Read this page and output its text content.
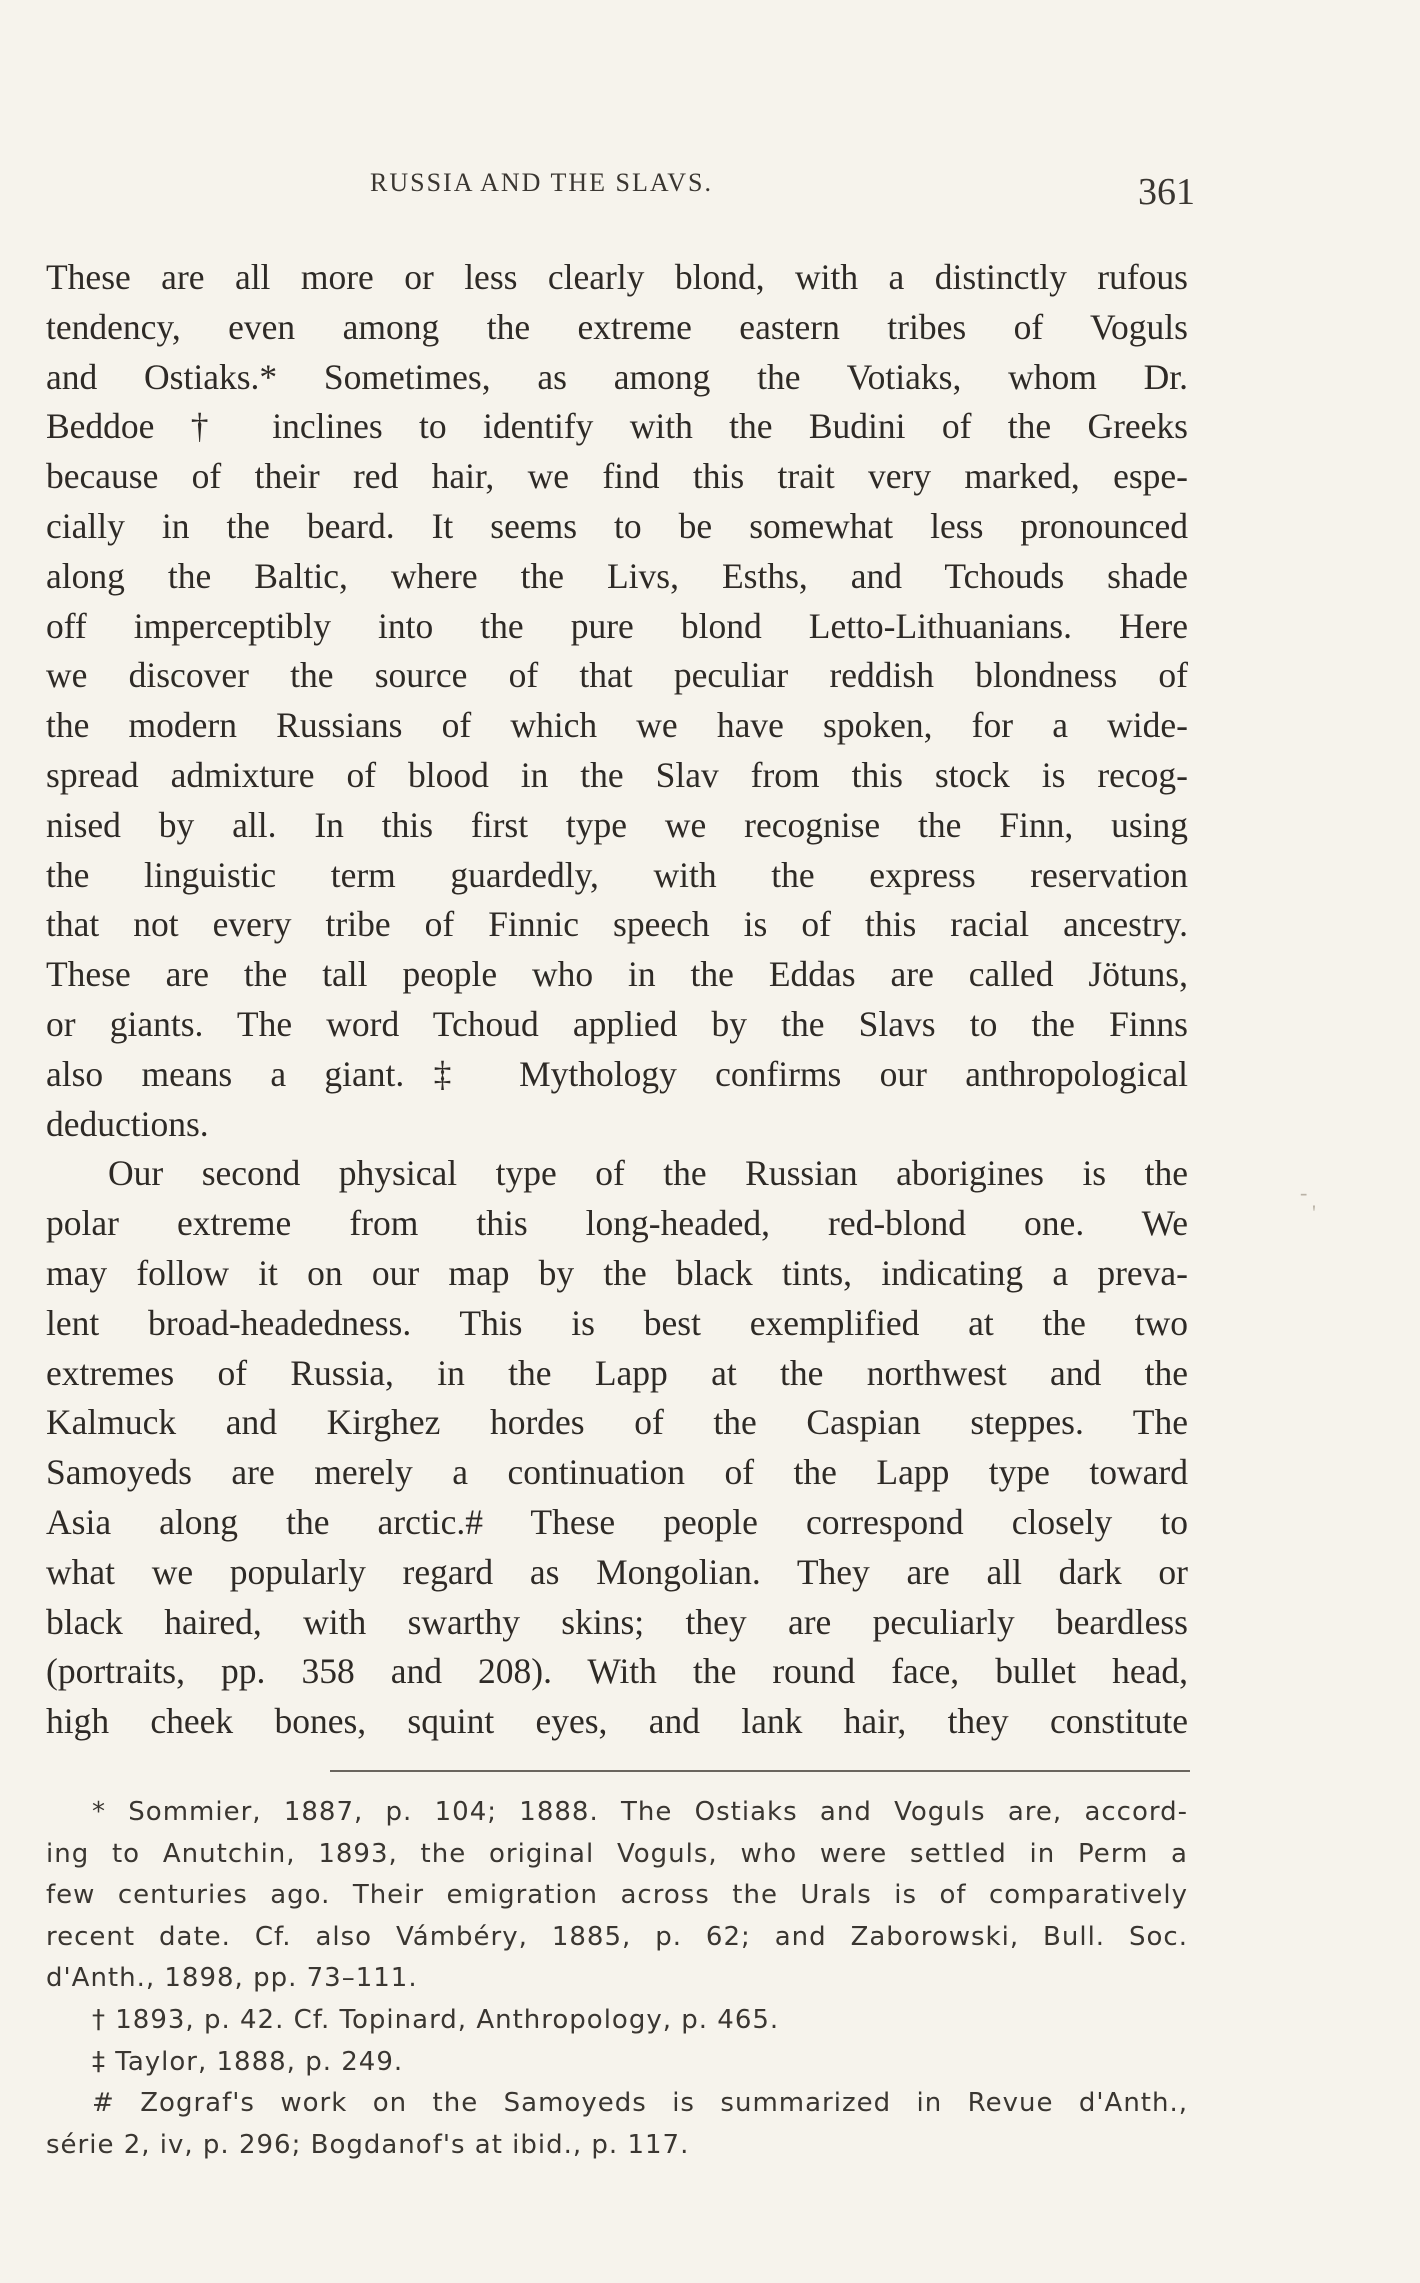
RUSSIA AND THE SLAVS.	361
These are all more or less clearly blond, with a distinctly rufous
tendency, even among the extreme eastern tribes of Voguls
and Ostiaks.* Sometimes, as among the Votiaks, whom Dr.
Beddoe † inclines to identify with the Budini of the Greeks
because of their red hair, we find this trait very marked, espe-
cially in the beard. It seems to be somewhat less pronounced
along the Baltic, where the Livs, Esths, and Tchouds shade
off imperceptibly into the pure blond Letto-Lithuanians. Here
we discover the source of that peculiar reddish blondness of
the modern Russians of which we have spoken, for a wide-
spread admixture of blood in the Slav from this stock is recog-
nised by all. In this first type we recognise the Finn, using
the linguistic term guardedly, with the express reservation
that not every tribe of Finnic speech is of this racial ancestry.
These are the tall people who in the Eddas are called Jötuns,
or giants. The word Tchoud applied by the Slavs to the Finns
also means a giant.‡ Mythology confirms our anthropological
deductions.
Our second physical type of the Russian aborigines is the
polar extreme from this long-headed, red-blond one. We
may follow it on our map by the black tints, indicating a preva-
lent broad-headedness. This is best exemplified at the two
extremes of Russia, in the Lapp at the northwest and the
Kalmuck and Kirghez hordes of the Caspian steppes. The
Samoyeds are merely a continuation of the Lapp type toward
Asia along the arctic.# These people correspond closely to
what we popularly regard as Mongolian. They are all dark or
black haired, with swarthy skins; they are peculiarly beardless
(portraits, pp. 358 and 208). With the round face, bullet head,
high cheek bones, squint eyes, and lank hair, they constitute
* Sommier, 1887, p. 104; 1888. The Ostiaks and Voguls are, accord-
ing to Anutchin, 1893, the original Voguls, who were settled in Perm a
few centuries ago. Their emigration across the Urals is of comparatively
recent date. Cf. also Vámbéry, 1885, p. 62; and Zaborowski, Bull. Soc.
d'Anth., 1898, pp. 73–111.
† 1893, p. 42. Cf. Topinard, Anthropology, p. 465.
‡ Taylor, 1888, p. 249.
# Zograf's work on the Samoyeds is summarized in Revue d'Anth.,
série 2, iv, p. 296; Bogdanof's at ibid., p. 117.
-
'
